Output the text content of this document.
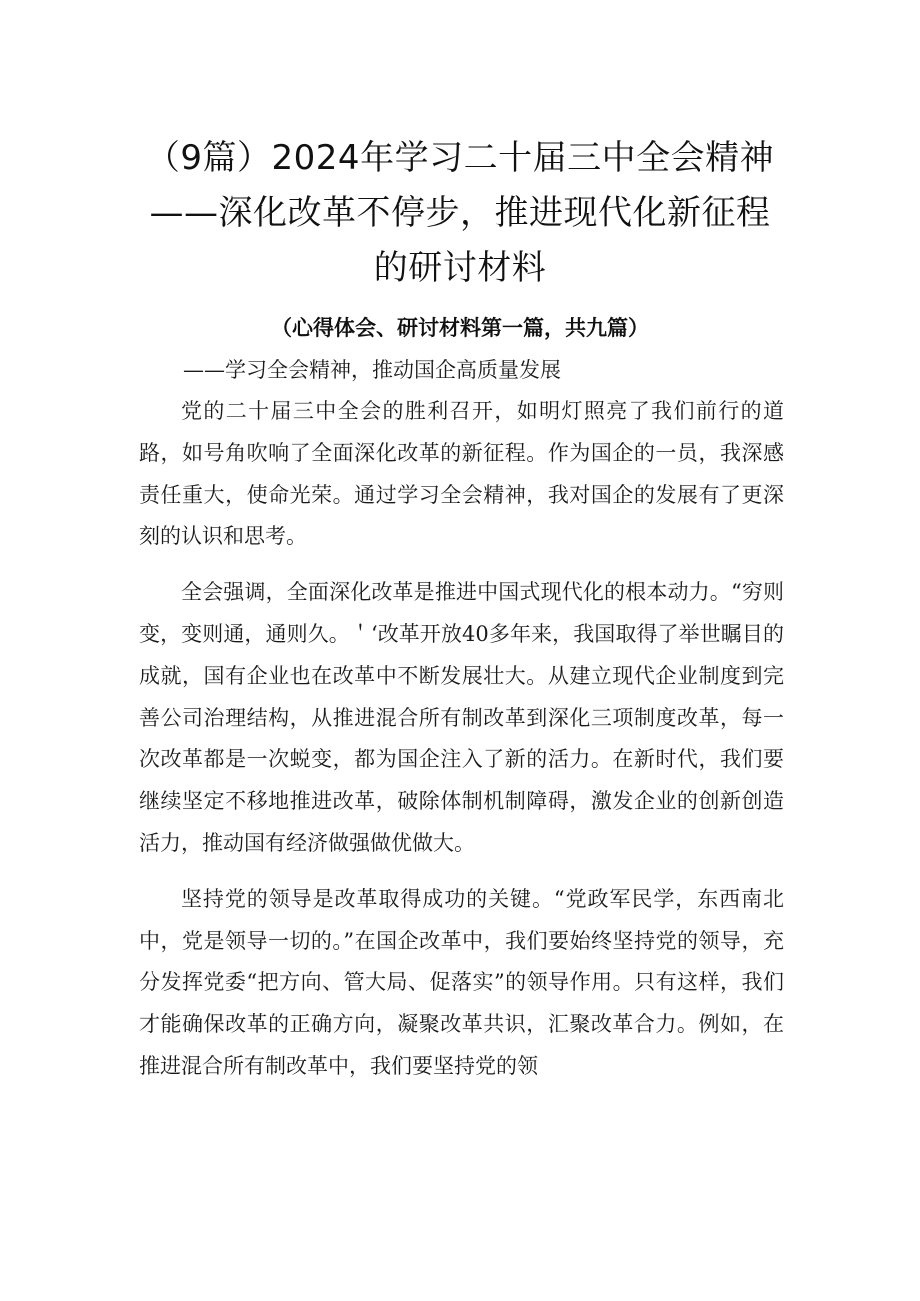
（9篇）2024年学习二十届三中全会精神
——深化改革不停步，推进现代化新征程
的研讨材料
（心得体会、研讨材料第一篇，共九篇）
——学习全会精神，推动国企高质量发展

党的二十届三中全会的胜利召开，如明灯照亮了我们前行的道路，如号角吹响了全面深化改革的新征程。作为国企的一员，我深感责任重大，使命光荣。通过学习全会精神，我对国企的发展有了更深刻的认识和思考。

全会强调，全面深化改革是推进中国式现代化的根本动力。“穷则变，变则通，通则久。＇‘改革开放40多年来，我国取得了举世瞩目的成就，国有企业也在改革中不断发展壮大。从建立现代企业制度到完善公司治理结构，从推进混合所有制改革到深化三项制度改革，每一次改革都是一次蜕变，都为国企注入了新的活力。在新时代，我们要继续坚定不移地推进改革，破除体制机制障碍，激发企业的创新创造活力，推动国有经济做强做优做大。

坚持党的领导是改革取得成功的关键。“党政军民学，东西南北中，党是领导一切的。”在国企改革中，我们要始终坚持党的领导，充分发挥党委“把方向、管大局、促落实”的领导作用。只有这样，我们才能确保改革的正确方向，凝聚改革共识，汇聚改革合力。例如，在推进混合所有制改革中，我们要坚持党的领
